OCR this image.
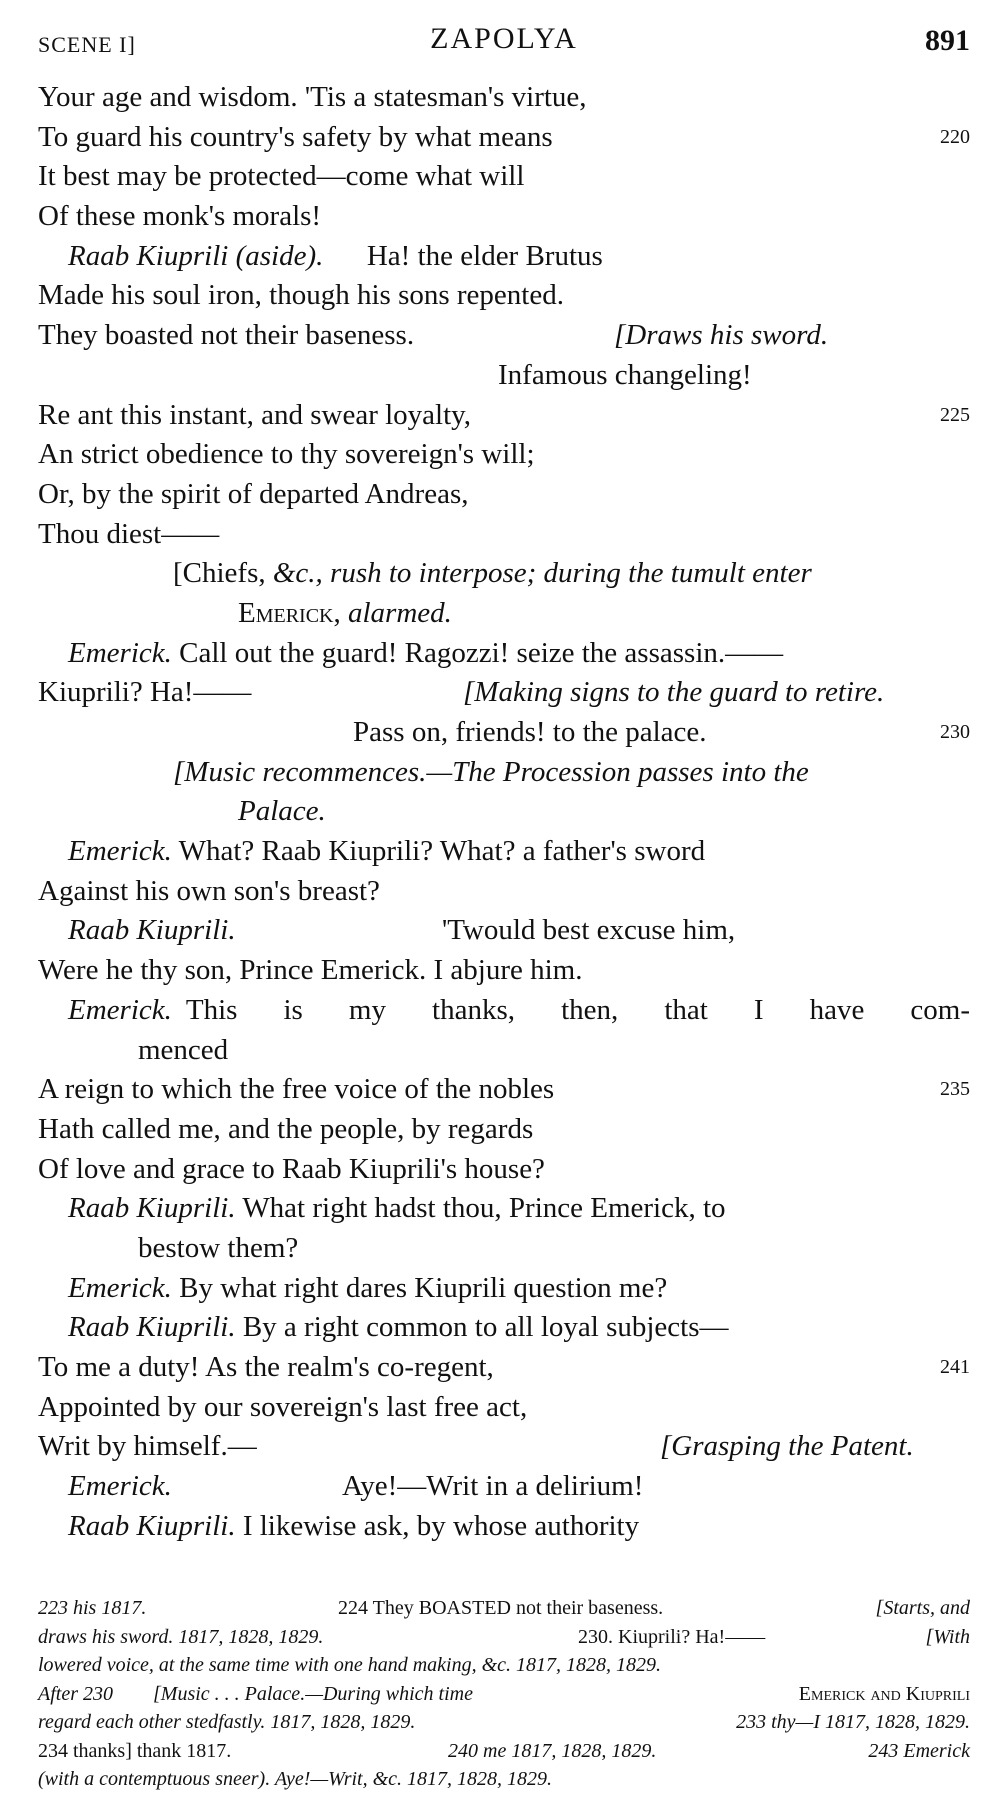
SCENE I]	ZAPOLYA	891
Your age and wisdom. 'Tis a statesman's virtue,
To guard his country's safety by what means	220
It best may be protected—come what will
Of these monk's morals!
Raab Kiuprili (aside). Ha! the elder Brutus
Made his soul iron, though his sons repented.
They boasted not their baseness.	[Draws his sword.
Infamous changeling!
Re ant this instant, and swear loyalty,	225
An strict obedience to thy sovereign's will;
Or, by the spirit of departed Andreas,
Thou diest——
[Chiefs, &c., rush to interpose; during the tumult enter
Emerick, alarmed.
Emerick. Call out the guard! Ragozzi! seize the assassin.——
Kiuprili? Ha!——	[Making signs to the guard to retire.
Pass on, friends! to the palace.	230
[Music recommences.—The Procession passes into the
Palace.
Emerick. What? Raab Kiuprili? What? a father's sword
Against his own son's breast?
Raab Kiuprili.	'Twould best excuse him,
Were he thy son, Prince Emerick. I abjure him.
Emerick. This is my thanks, then, that I have com-
menced
A reign to which the free voice of the nobles	235
Hath called me, and the people, by regards
Of love and grace to Raab Kiuprili's house?
Raab Kiuprili. What right hadst thou, Prince Emerick, to
bestow them?
Emerick. By what right dares Kiuprili question me?
Raab Kiuprili. By a right common to all loyal subjects—
To me a duty! As the realm's co-regent,	241
Appointed by our sovereign's last free act,
Writ by himself.—	[Grasping the Patent.
Emerick.	Aye!—Writ in a delirium!
Raab Kiuprili. I likewise ask, by whose authority
223 his 1817.	224 They BOASTED not their baseness.	[Starts, and
draws his sword. 1817, 1828, 1829.	230. Kiuprili? Ha!——	[With
lowered voice, at the same time with one hand making, &c. 1817, 1828, 1829.
After 230 [Music . . . Palace.—During which time	Emerick and Kiuprili
regard each other stedfastly. 1817, 1828, 1829.	233 thy—I 1817, 1828, 1829.
234 thanks] thank 1817.	240 me 1817, 1828, 1829.	243 Emerick
(with a contemptuous sneer). Aye!—Writ, &c. 1817, 1828, 1829.
